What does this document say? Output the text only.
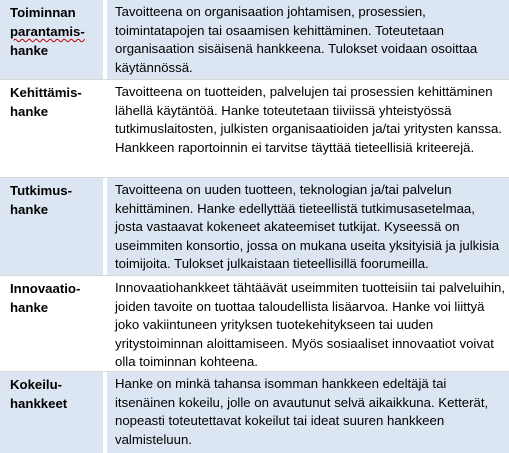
Toiminnan
parantamis-
hanke
Tavoitteena on organisaation johtamisen, prosessien, toimintatapojen tai osaamisen kehittäminen. Toteutetaan organisaation sisäisenä hankkeena. Tulokset voidaan osoittaa käytännössä.
Kehittämis-
hanke
Tavoitteena on tuotteiden, palvelujen tai prosessien kehittäminen lähellä käytäntöä. Hanke toteutetaan tiiviissä yhteistyössä tutkimuslaitosten, julkisten organisaatioiden ja/tai yritysten kanssa. Hankkeen raportoinnin ei tarvitse täyttää tieteellisiä kriteerejä.
Tutkimus-
hanke
Tavoitteena on uuden tuotteen, teknologian ja/tai palvelun kehittäminen. Hanke edellyttää tieteellistä tutkimusasetelmaa, josta vastaavat kokeneet akateemiset tutkijat. Kyseessä on useimmiten konsortio, jossa on mukana useita yksityisiä ja julkisia toimijoita. Tulokset julkaistaan tieteellisillä foorumeilla.
Innovaatio-
hanke
Innovaatiohankkeet tähtäävät useimmiten tuotteisiin tai palveluihin, joiden tavoite on tuottaa taloudellista lisäarvoa. Hanke voi liittyä joko vakiintuneen yrityksen tuotekehitykseen tai uuden yritystoiminnan aloittamiseen. Myös sosiaaliset innovaatiot voivat olla toiminnan kohteena.
Kokeilu-
hankkeet
Hanke on minkä tahansa isomman hankkeen edeltäjä tai itsenäinen kokeilu, jolle on avautunut selvä aikaikkuna. Ketterät, nopeasti toteutettavat kokeilut tai ideat suuren hankkeen valmisteluun.
